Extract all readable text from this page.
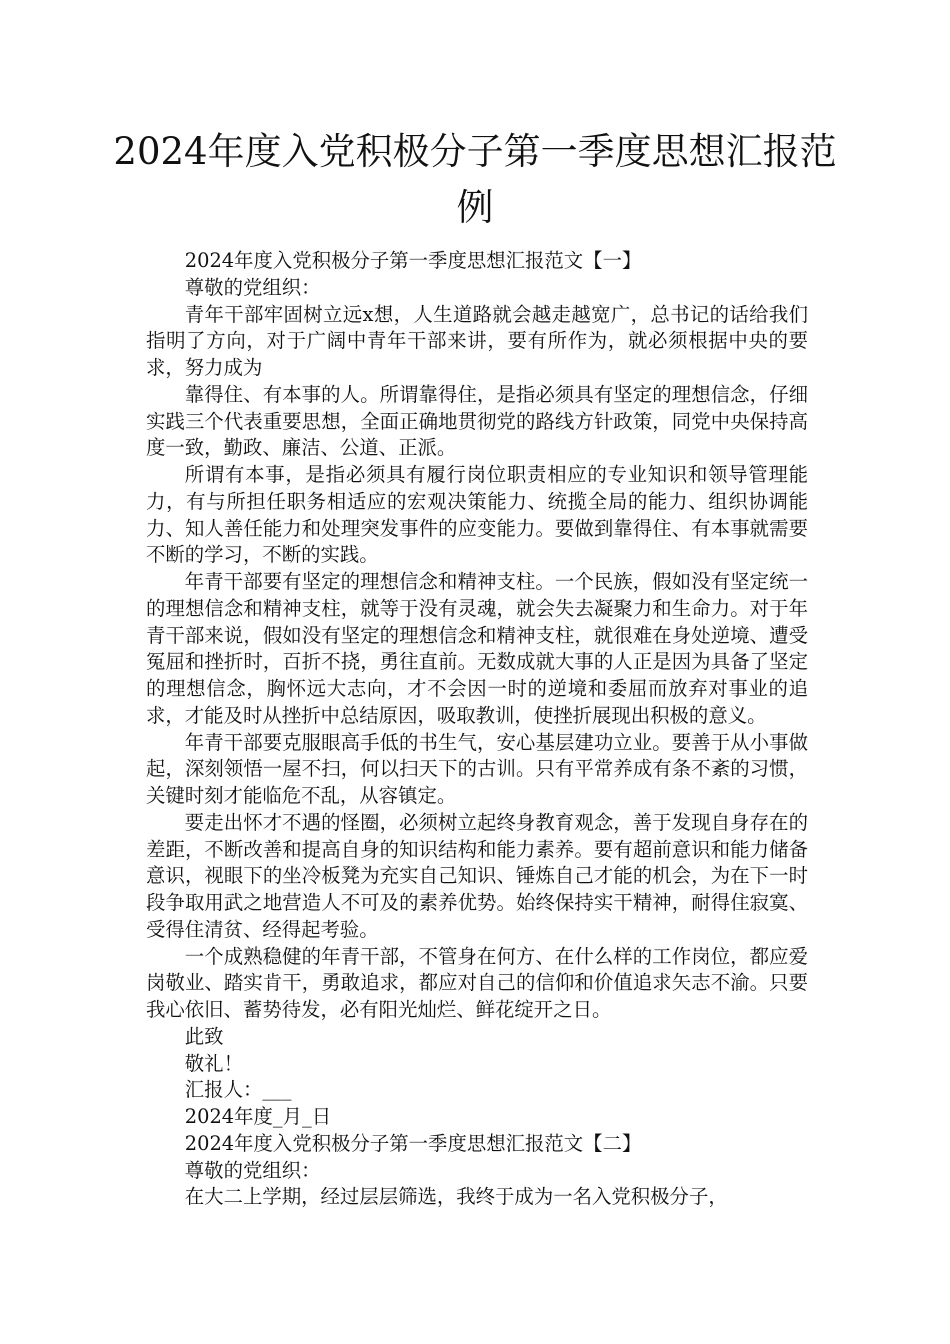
2024年度入党积极分子第一季度思想汇报范例

2024年度入党积极分子第一季度思想汇报范文【一】

尊敬的党组织：

青年干部牢固树立远x想，人生道路就会越走越宽广，总书记的话给我们指明了方向，对于广阔中青年干部来讲，要有所作为，就必须根据中央的要求，努力成为

靠得住、有本事的人。所谓靠得住，是指必须具有坚定的理想信念，仔细实践三个代表重要思想，全面正确地贯彻党的路线方针政策，同党中央保持高度一致，勤政、廉洁、公道、正派。

所谓有本事，是指必须具有履行岗位职责相应的专业知识和领导管理能力，有与所担任职务相适应的宏观决策能力、统揽全局的能力、组织协调能力、知人善任能力和处理突发事件的应变能力。要做到靠得住、有本事就需要不断的学习，不断的实践。

年青干部要有坚定的理想信念和精神支柱。一个民族，假如没有坚定统一的理想信念和精神支柱，就等于没有灵魂，就会失去凝聚力和生命力。对于年青干部来说，假如没有坚定的理想信念和精神支柱，就很难在身处逆境、遭受冤屈和挫折时，百折不挠，勇往直前。无数成就大事的人正是因为具备了坚定的理想信念，胸怀远大志向，才不会因一时的逆境和委屈而放弃对事业的追求，才能及时从挫折中总结原因，吸取教训，使挫折展现出积极的意义。

年青干部要克服眼高手低的书生气，安心基层建功立业。要善于从小事做起，深刻领悟一屋不扫，何以扫天下的古训。只有平常养成有条不紊的习惯，关键时刻才能临危不乱，从容镇定。

要走出怀才不遇的怪圈，必须树立起终身教育观念，善于发现自身存在的差距，不断改善和提高自身的知识结构和能力素养。要有超前意识和能力储备意识，视眼下的坐冷板凳为充实自己知识、锤炼自己才能的机会，为在下一时段争取用武之地营造人不可及的素养优势。始终保持实干精神，耐得住寂寞、受得住清贫、经得起考验。

一个成熟稳健的年青干部，不管身在何方、在什么样的工作岗位，都应爱岗敬业、踏实肯干，勇敢追求，都应对自己的信仰和价值追求矢志不渝。只要我心依旧、蓄势待发，必有阳光灿烂、鲜花绽开之日。

此致

敬礼！

汇报人：___

2024年度_月_日

2024年度入党积极分子第一季度思想汇报范文【二】

尊敬的党组织：

在大二上学期，经过层层筛选，我终于成为一名入党积极分子，
